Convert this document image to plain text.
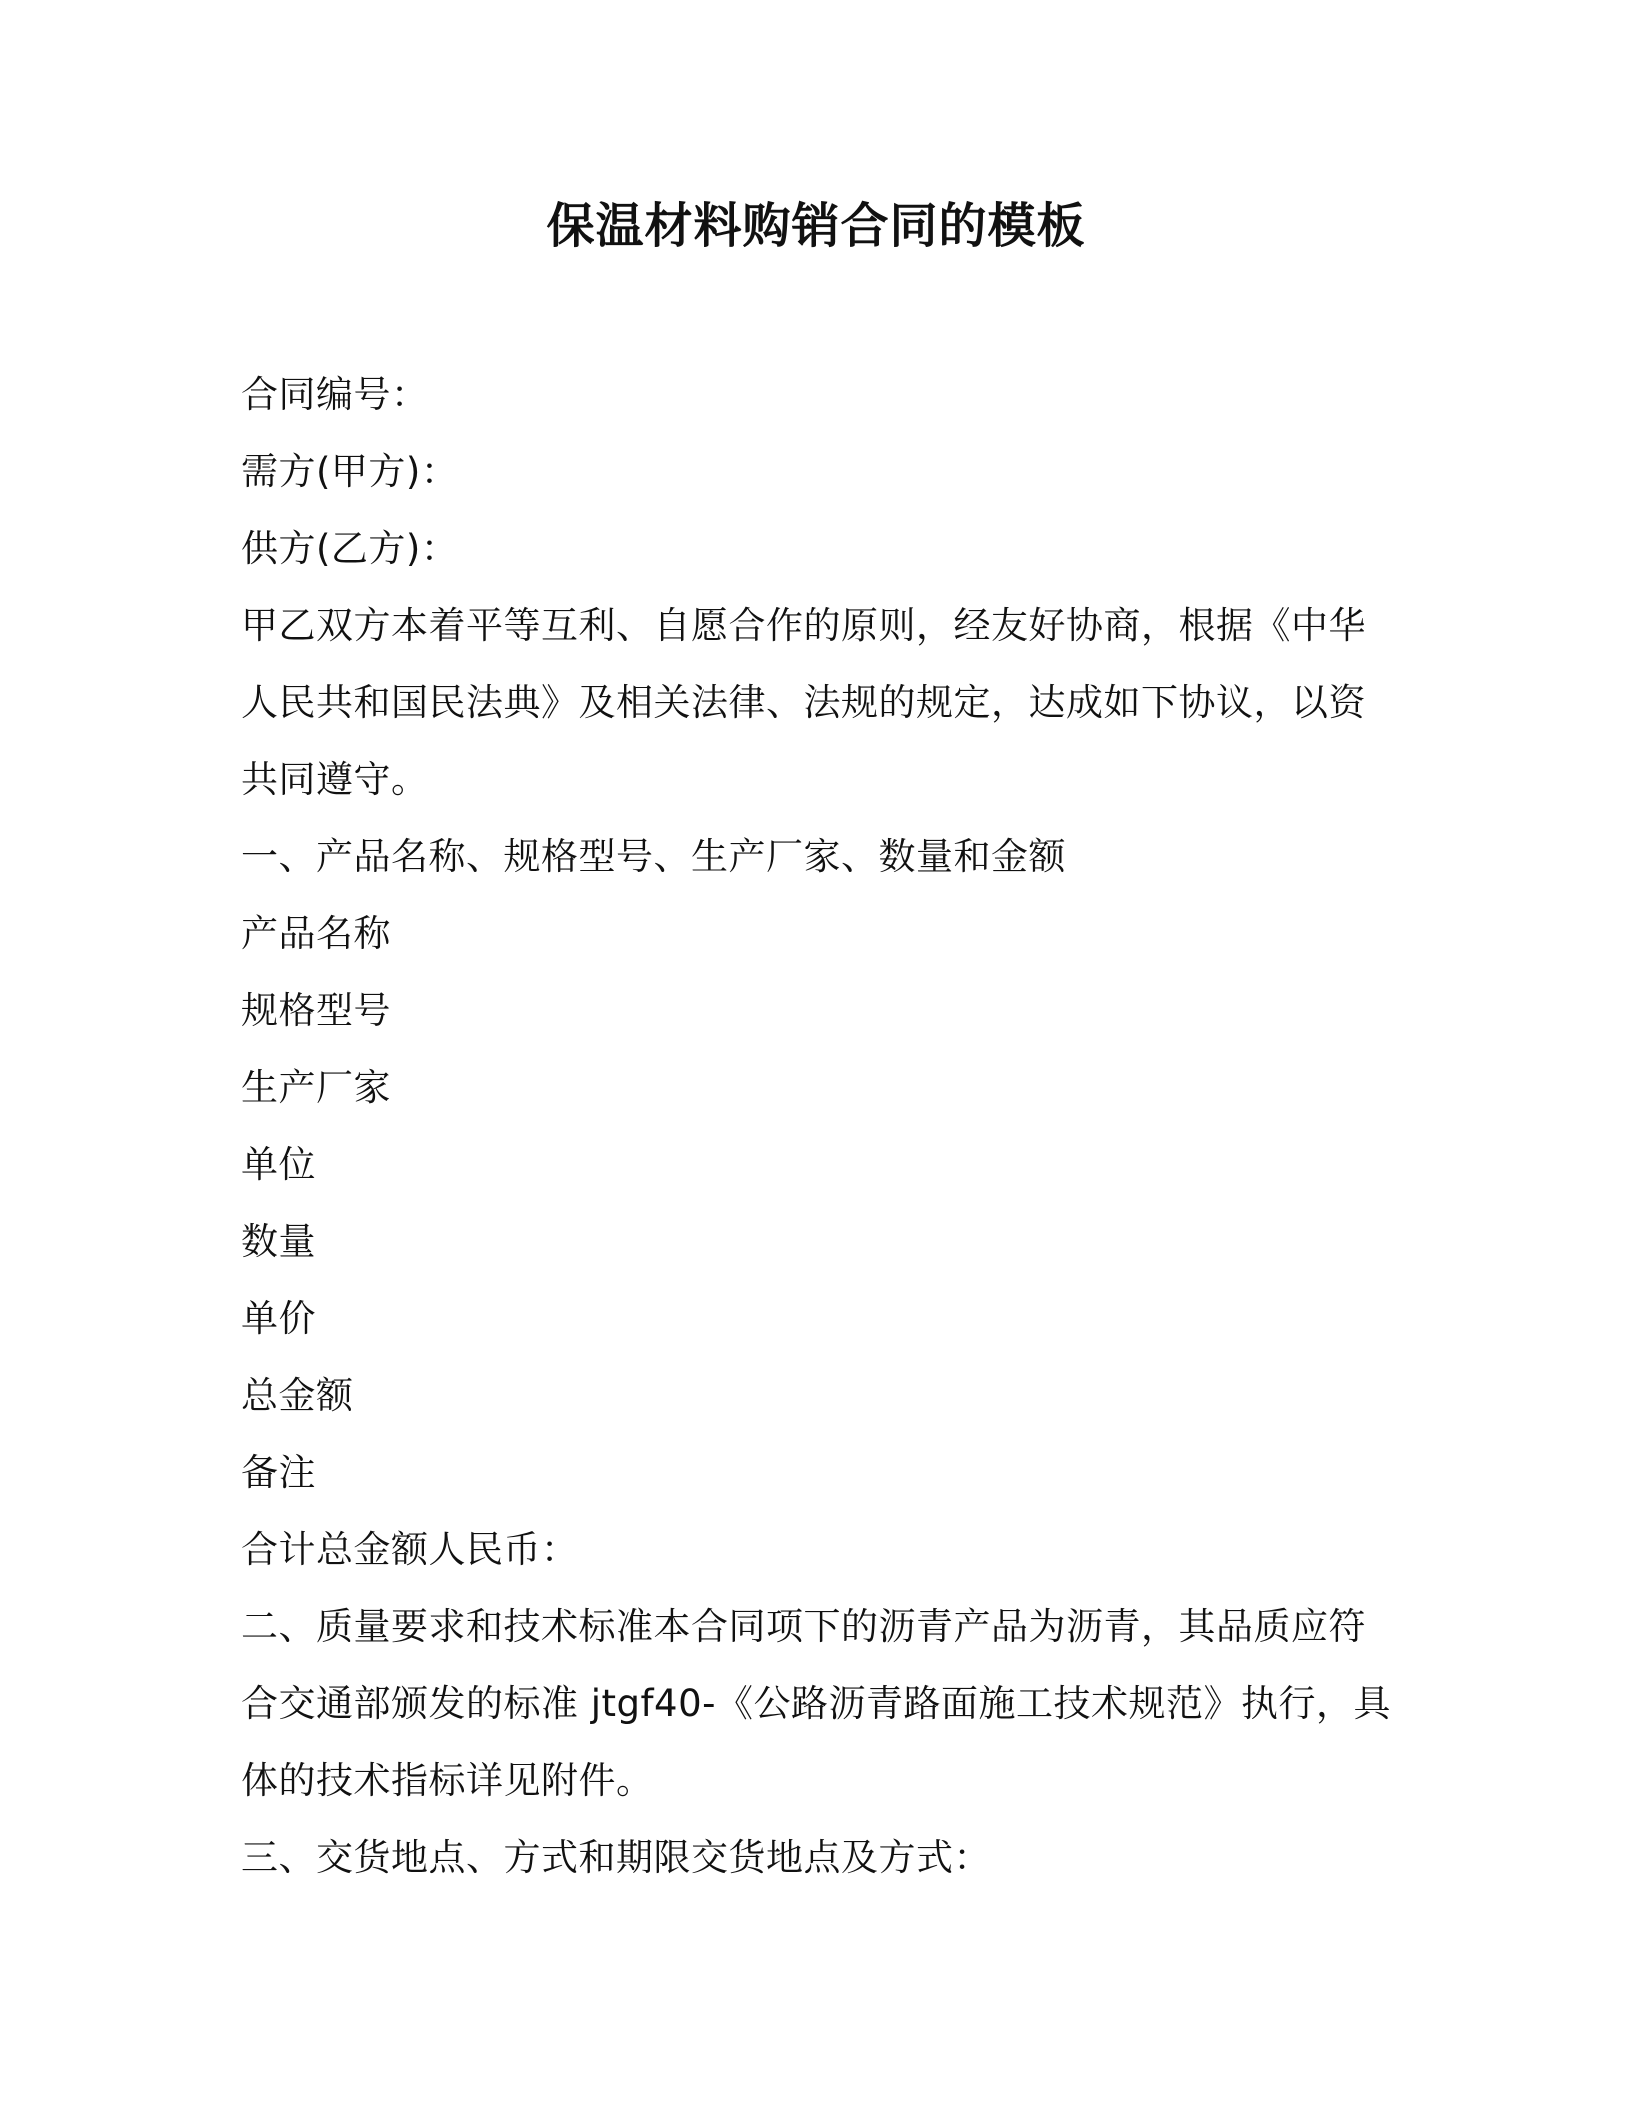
保温材料购销合同的模板
合同编号：
需方(甲方)：
供方(乙方)：
甲乙双方本着平等互利、自愿合作的原则，经友好协商，根据《中华
人民共和国民法典》及相关法律、法规的规定，达成如下协议，以资
共同遵守。
一、产品名称、规格型号、生产厂家、数量和金额
产品名称
规格型号
生产厂家
单位
数量
单价
总金额
备注
合计总金额人民币：
二、质量要求和技术标准本合同项下的沥青产品为沥青，其品质应符
合交通部颁发的标准 jtgf40-《公路沥青路面施工技术规范》执行，具
体的技术指标详见附件。
三、交货地点、方式和期限交货地点及方式：
